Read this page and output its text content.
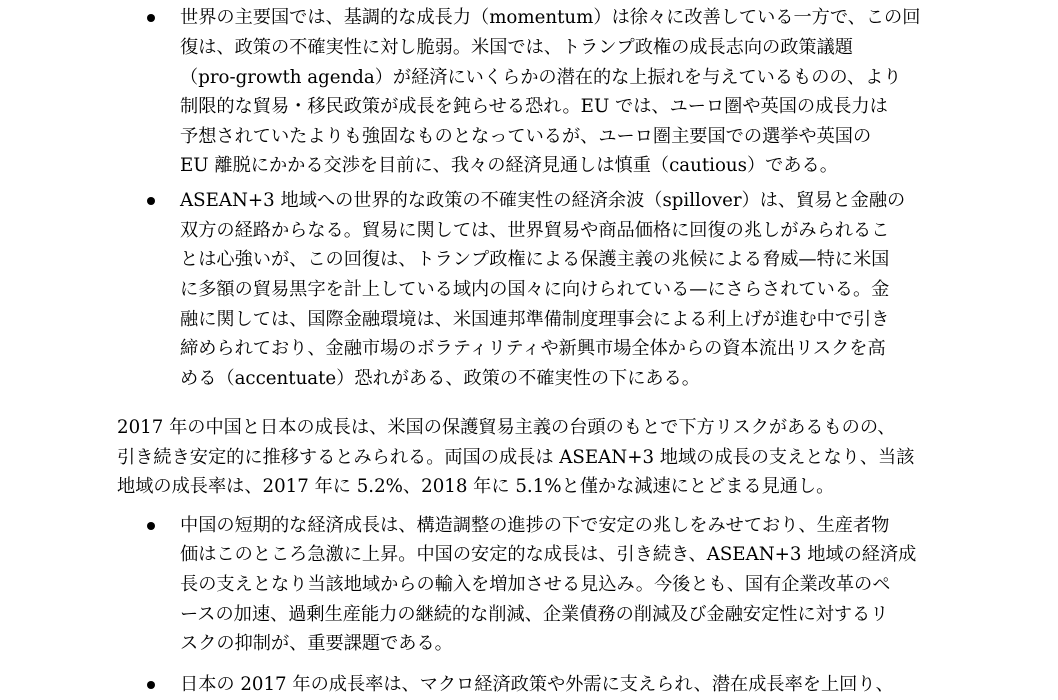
世界の主要国では、基調的な成長力（momentum）は徐々に改善している一方で、この回
復は、政策の不確実性に対し脆弱。米国では、トランプ政権の成長志向の政策議題
（pro-growth agenda）が経済にいくらかの潜在的な上振れを与えているものの、より
制限的な貿易・移民政策が成長を鈍らせる恐れ。EU では、ユーロ圏や英国の成長力は
予想されていたよりも強固なものとなっているが、ユーロ圏主要国での選挙や英国の
EU 離脱にかかる交渉を目前に、我々の経済見通しは慎重（cautious）である。
ASEAN+3 地域への世界的な政策の不確実性の経済余波（spillover）は、貿易と金融の
双方の経路からなる。貿易に関しては、世界貿易や商品価格に回復の兆しがみられるこ
とは心強いが、この回復は、トランプ政権による保護主義の兆候による脅威—特に米国
に多額の貿易黒字を計上している域内の国々に向けられている—にさらされている。金
融に関しては、国際金融環境は、米国連邦準備制度理事会による利上げが進む中で引き
締められており、金融市場のボラティリティや新興市場全体からの資本流出リスクを高
める（accentuate）恐れがある、政策の不確実性の下にある。
2017 年の中国と日本の成長は、米国の保護貿易主義の台頭のもとで下方リスクがあるものの、
引き続き安定的に推移するとみられる。両国の成長は ASEAN+3 地域の成長の支えとなり、当該
地域の成長率は、2017 年に 5.2%、2018 年に 5.1%と僅かな減速にとどまる見通し。
中国の短期的な経済成長は、構造調整の進捗の下で安定の兆しをみせており、生産者物
価はこのところ急激に上昇。中国の安定的な成長は、引き続き、ASEAN+3 地域の経済成
長の支えとなり当該地域からの輸入を増加させる見込み。今後とも、国有企業改革のペ
ースの加速、過剰生産能力の継続的な削減、企業債務の削減及び金融安定性に対するリ
スクの抑制が、重要課題である。
日本の 2017 年の成長率は、マクロ経済政策や外需に支えられ、潜在成長率を上回り、
